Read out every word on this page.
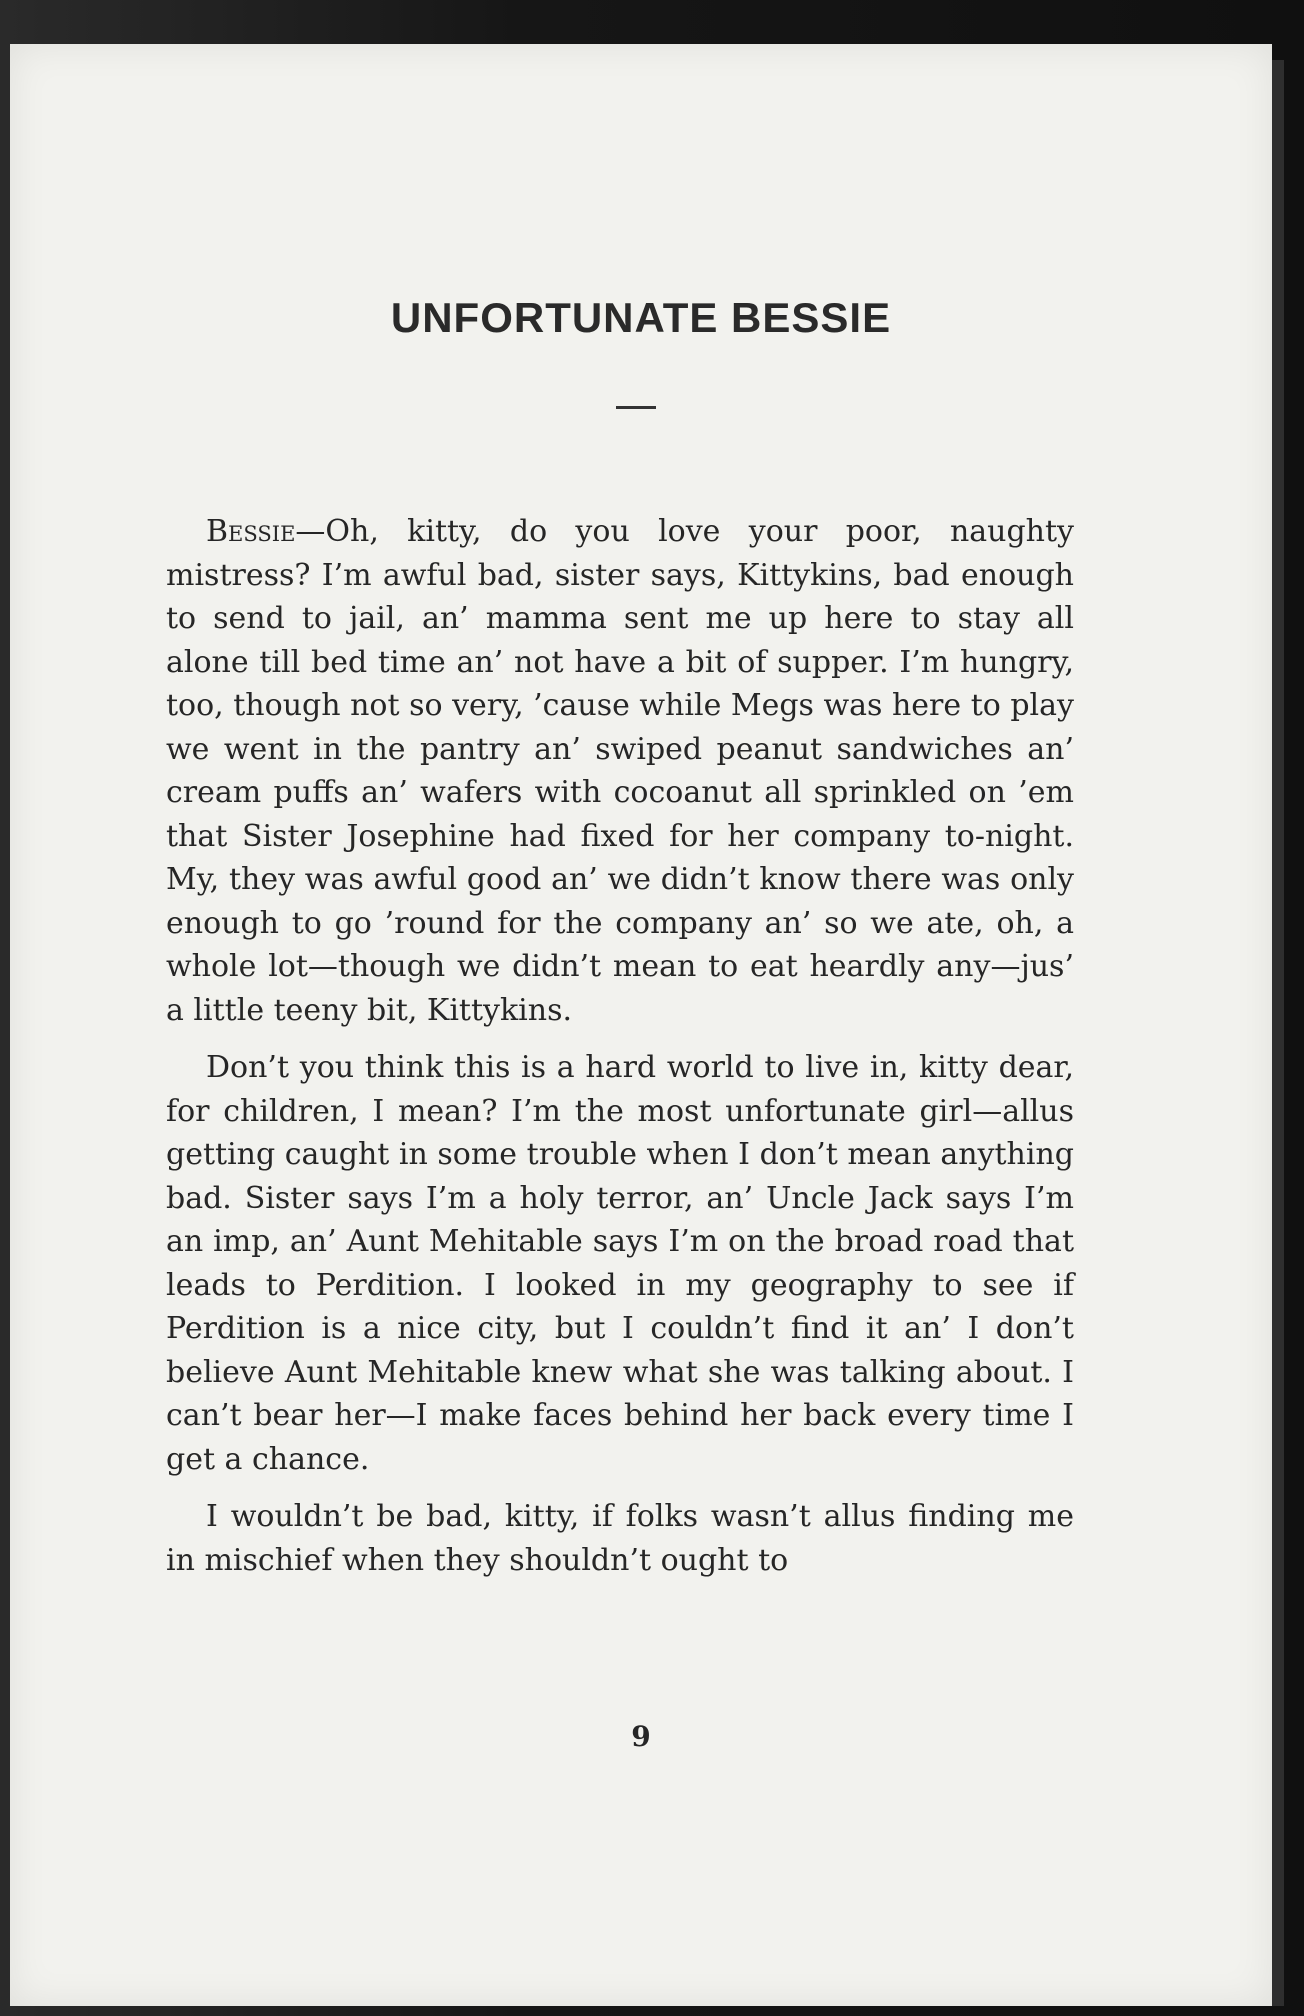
UNFORTUNATE BESSIE

Bessie—Oh, kitty, do you love your poor, naughty mistress? I’m awful bad, sister says, Kittykins, bad enough to send to jail, an’ mamma sent me up here to stay all alone till bed time an’ not have a bit of supper. I’m hungry, too, though not so very, ’cause while Megs was here to play we went in the pantry an’ swiped peanut sandwiches an’ cream puffs an’ wafers with cocoanut all sprinkled on ’em that Sister Josephine had fixed for her company to-night. My, they was awful good an’ we didn’t know there was only enough to go ’round for the company an’ so we ate, oh, a whole lot—though we didn’t mean to eat heardly any—jus’ a little teeny bit, Kittykins.

Don’t you think this is a hard world to live in, kitty dear, for children, I mean? I’m the most unfortunate girl—allus getting caught in some trouble when I don’t mean anything bad. Sister says I’m a holy terror, an’ Uncle Jack says I’m an imp, an’ Aunt Mehitable says I’m on the broad road that leads to Perdition. I looked in my geography to see if Perdition is a nice city, but I couldn’t find it an’ I don’t believe Aunt Mehitable knew what she was talking about. I can’t bear her—I make faces behind her back every time I get a chance.

I wouldn’t be bad, kitty, if folks wasn’t allus finding me in mischief when they shouldn’t ought to

9
